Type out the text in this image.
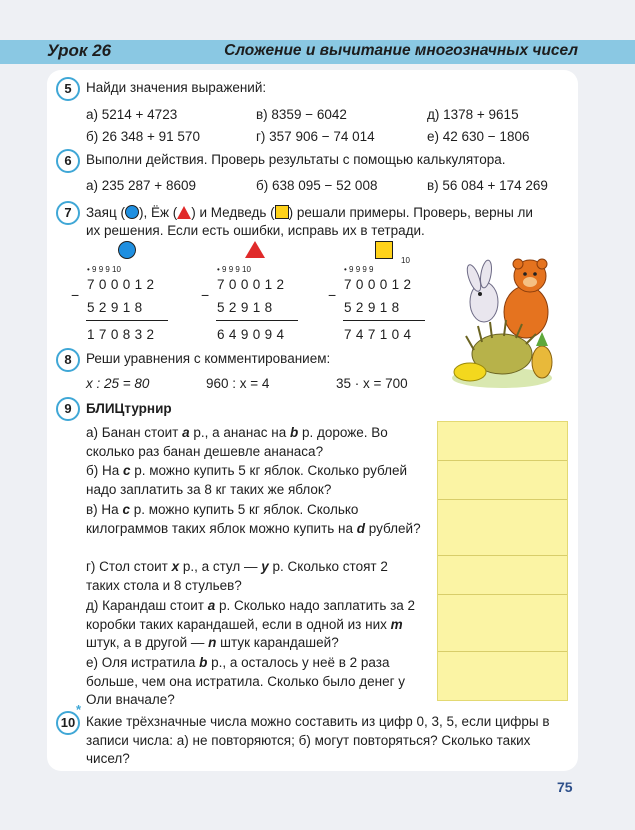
Урок 26	Сложение и вычитание многозначных чисел
5	Найди значения выражений:
а) 5214 + 4723	в) 8359 − 6042	д) 1378 + 9615
б) 26 348 + 91 570	г) 357 906 − 74 014	е) 42 630 − 1806
6	Выполни действия. Проверь результаты с помощью калькулятора.
а) 235 287 + 8609	б) 638 095 − 52 008	в) 56 084 + 174 269
7	Заяц ( ), Ёж ( ) и Медведь ( ) решали примеры. Проверь, верны ли
их решения. Если есть ошибки, исправь их в тетради.
• 9 9 9 10
−
700012
52918
170832
• 9 9 9 10
−
700012
52918
649094
10
• 9 9 9 9
−
700012
52918
747104
8	Реши уравнения с комментированием:
x : 25 = 80	960 : x = 4	35 · x = 700
9	БЛИЦтурнир
а) Банан стоит a р., а ананас на b р. дороже. Во сколько раз банан дешевле ананаса?
б) На c р. можно купить 5 кг яблок. Сколько рублей надо заплатить за 8 кг таких же яблок?
в) На c р. можно купить 5 кг яблок. Сколько килограммов таких яблок можно купить на d рублей?
г) Стол стоит x р., а стул — y р. Сколько стоят 2 таких стола и 8 стульев?
д) Карандаш стоит a р. Сколько надо заплатить за 2 коробки таких карандашей, если в одной из них m штук, а в другой — n штук карандашей?
е) Оля истратила b р., а осталось у неё в 2 раза больше, чем она истратила. Сколько было денег у Оли вначале?
10
*
Какие трёхзначные числа можно составить из цифр 0, 3, 5, если цифры в записи числа: а) не повторяются; б) могут повторяться? Сколько таких чисел?
75
